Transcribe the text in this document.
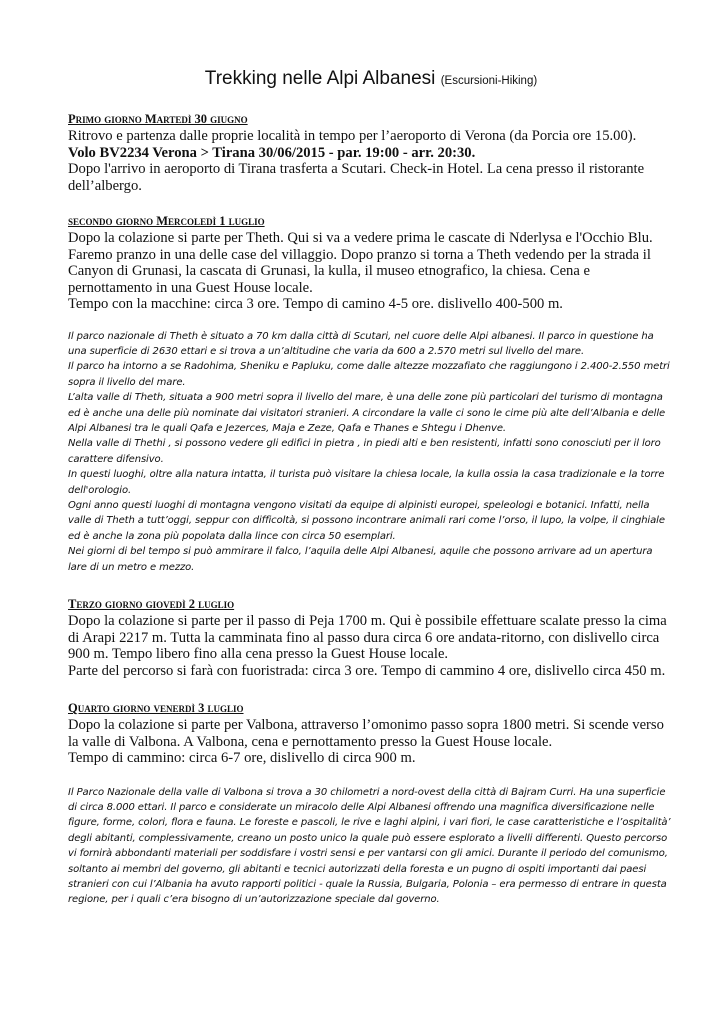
Trekking nelle Alpi Albanesi (Escursioni-Hiking)

Primo giorno Martedì 30 giugno

Ritrovo e partenza dalle proprie località in tempo per l’aeroporto di Verona (da Porcia ore 15.00).

Volo BV2234 Verona > Tirana 30/06/2015 - par. 19:00 - arr. 20:30.

Dopo l'arrivo in aeroporto di Tirana trasferta a Scutari. Check-in Hotel. La cena presso il ristorante dell’albergo.

secondo giorno Mercoledì 1 luglio

Dopo la colazione si parte per Theth. Qui si va a vedere prima le cascate di Nderlysa e l'Occhio Blu. Faremo pranzo in una delle case del villaggio. Dopo pranzo si torna a Theth vedendo per la strada il Canyon di Grunasi, la cascata di Grunasi, la kulla, il museo etnografico, la chiesa. Cena e pernottamento in una Guest House locale.

Tempo con la macchine: circa 3 ore. Tempo di camino 4-5 ore. dislivello 400-500 m.

Il parco nazionale di Theth è situato a 70 km dalla città di Scutari, nel cuore delle Alpi albanesi. Il parco in questione ha una superficie di 2630 ettari e si trova a un’altitudine che varia da 600 a 2.570 metri sul livello del mare.

Il parco ha intorno a se Radohima, Sheniku e Papluku, come dalle altezze mozzafiato che raggiungono i 2.400-2.550 metri sopra il livello del mare.

L’alta valle di Theth, situata a 900 metri sopra il livello del mare, è una delle zone più particolari del turismo di montagna ed è anche una delle più nominate dai visitatori stranieri. A circondare la valle ci sono le cime più alte dell’Albania e delle Alpi Albanesi tra le quali Qafa e Jezerces, Maja e Zeze, Qafa e Thanes e Shtegu i Dhenve.

Nella valle di Thethi , si possono vedere gli edifici in pietra , in piedi alti e ben resistenti, infatti sono conosciuti per il loro carattere difensivo.

In questi luoghi, oltre alla natura intatta, il turista può visitare la chiesa locale, la kulla ossia la casa tradizionale e la torre dell'orologio.

Ogni anno questi luoghi di montagna vengono visitati da equipe di alpinisti europei, speleologi e botanici. Infatti, nella valle di Theth a tutt’oggi, seppur con difficoltà, si possono incontrare animali rari come l’orso, il lupo, la volpe, il cinghiale ed è anche la zona più popolata dalla lince con circa 50 esemplari.

Nei giorni di bel tempo si può ammirare il falco, l’aquila delle Alpi Albanesi, aquile che possono arrivare ad un apertura lare di un metro e mezzo.

Terzo giorno giovedì 2 luglio

Dopo la colazione si parte per il passo di Peja 1700 m. Qui è possibile effettuare scalate presso la cima di Arapi 2217 m. Tutta la camminata fino al passo dura circa 6 ore andata-ritorno, con dislivello circa 900 m. Tempo libero fino alla cena presso la Guest House locale.

Parte del percorso si farà con fuoristrada: circa 3 ore. Tempo di cammino 4 ore, dislivello circa 450 m.

Quarto giorno venerdì 3 luglio

Dopo la colazione si parte per Valbona, attraverso l’omonimo passo sopra 1800 metri. Si scende verso la valle di Valbona. A Valbona, cena e pernottamento presso la Guest House locale.

Tempo di cammino: circa 6-7 ore, dislivello di circa 900 m.

Il Parco Nazionale della valle di Valbona si trova a 30 chilometri a nord-ovest della città di Bajram Curri. Ha una superficie di circa 8.000 ettari. Il parco e considerate un miracolo delle Alpi Albanesi offrendo una magnifica diversificazione nelle figure, forme, colori, flora e fauna. Le foreste e pascoli, le rive e laghi alpini, i vari fiori, le case caratteristiche e l’ospitalità’ degli abitanti, complessivamente, creano un posto unico la quale può essere esplorato a livelli differenti. Questo percorso vi fornirà abbondanti materiali per soddisfare i vostri sensi e per vantarsi con gli amici. Durante il periodo del comunismo, soltanto ai membri del governo, gli abitanti e tecnici autorizzati della foresta e un pugno di ospiti importanti dai paesi stranieri con cui l’Albania ha avuto rapporti politici - quale la Russia, Bulgaria, Polonia – era permesso di entrare in questa regione, per i quali c’era bisogno di un’autorizzazione speciale dal governo.
